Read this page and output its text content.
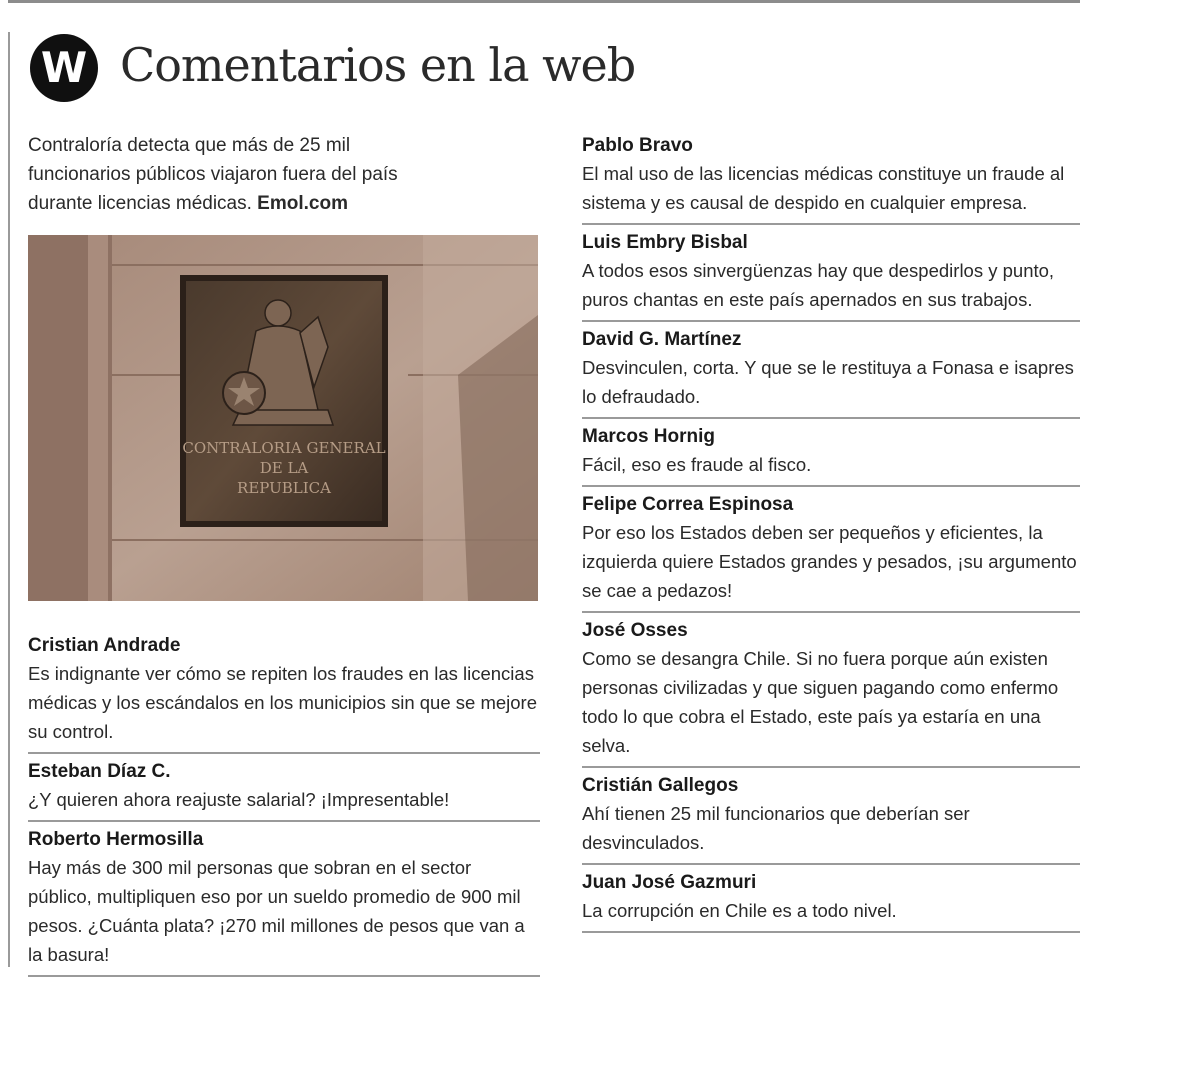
W Comentarios en la web
Contraloría detecta que más de 25 mil funcionarios públicos viajaron fuera del país durante licencias médicas. Emol.com
CONTRALORIA GENERAL
DE LA
REPUBLICA
Cristian Andrade
Es indignante ver cómo se repiten los fraudes en las licencias médicas y los escándalos en los municipios sin que se mejore su control.
Esteban Díaz C.
¿Y quieren ahora reajuste salarial? ¡Impresentable!
Roberto Hermosilla
Hay más de 300 mil personas que sobran en el sector público, multipliquen eso por un sueldo promedio de 900 mil pesos. ¿Cuánta plata? ¡270 mil millones de pesos que van a la basura!
Pablo Bravo
El mal uso de las licencias médicas constituye un fraude al sistema y es causal de despido en cualquier empresa.
Luis Embry Bisbal
A todos esos sinvergüenzas hay que despedirlos y punto, puros chantas en este país apernados en sus trabajos.
David G. Martínez
Desvinculen, corta. Y que se le restituya a Fonasa e isapres lo defraudado.
Marcos Hornig
Fácil, eso es fraude al fisco.
Felipe Correa Espinosa
Por eso los Estados deben ser pequeños y eficientes, la izquierda quiere Estados grandes y pesados, ¡su argumento se cae a pedazos!
José Osses
Como se desangra Chile. Si no fuera porque aún existen personas civilizadas y que siguen pagando como enfermo todo lo que cobra el Estado, este país ya estaría en una selva.
Cristián Gallegos
Ahí tienen 25 mil funcionarios que deberían ser desvinculados.
Juan José Gazmuri
La corrupción en Chile es a todo nivel.
